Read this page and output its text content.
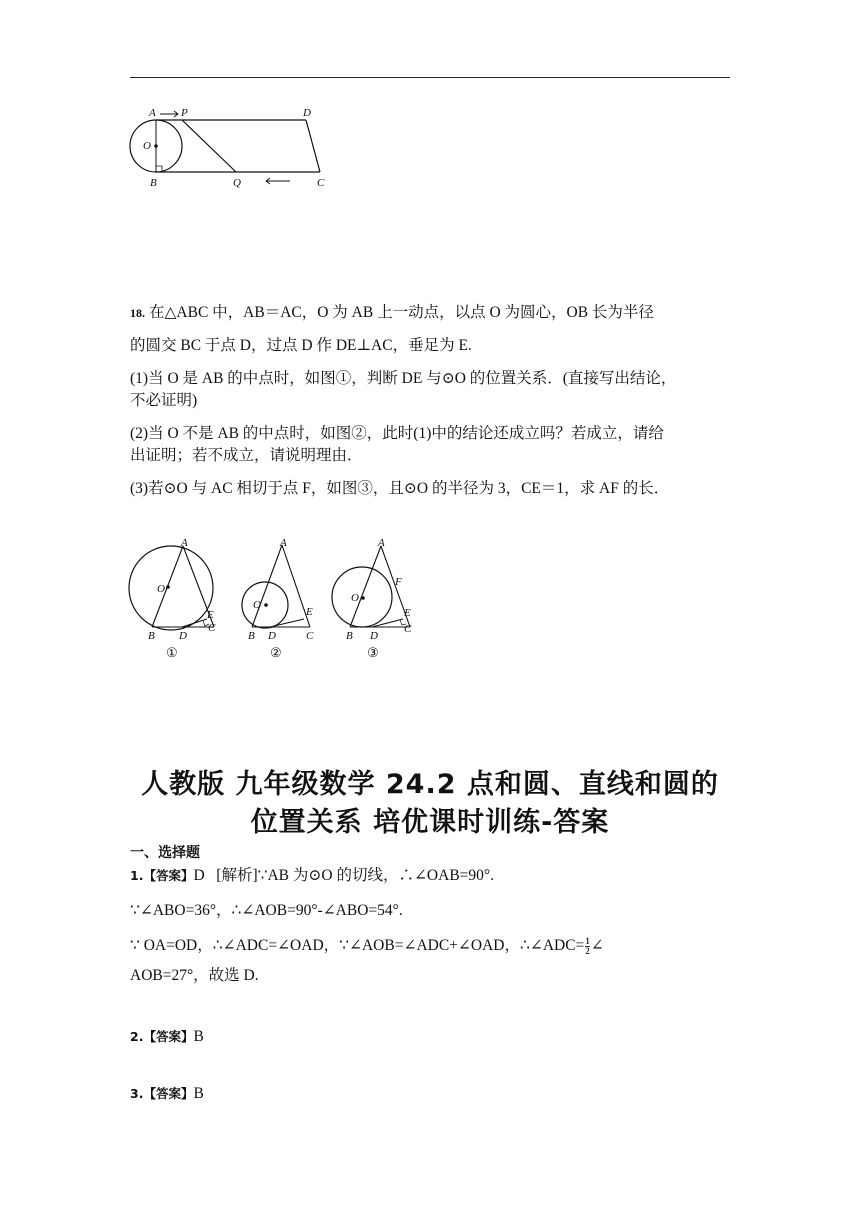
A P	D
O
B	Q	C
18. 在△ABC 中，AB＝AC，O 为 AB 上一动点，以点 O 为圆心，OB 长为半径
的圆交 BC 于点 D，过点 D 作 DE⊥AC，垂足为 E.
(1)当 O 是 AB 的中点时，如图①，判断 DE 与⊙O 的位置关系．(直接写出结论，
不必证明)
(2)当 O 不是 AB 的中点时，如图②，此时(1)中的结论还成立吗？若成立，请给
出证明；若不成立，请说明理由．
(3)若⊙O 与 AC 相切于点 F，如图③，且⊙O 的半径为 3，CE＝1，求 AF 的长．
A
O
E
B D
C
①
A
O
E
B D	C
②
A
F
O
E
B D
C
③
人教版 九年级数学 24.2 点和圆、直线和圆的
位置关系 培优课时训练-答案
一、选择题
1.【答案】D [解析]∵AB 为⊙O 的切线，∴∠OAB=90°.
∵∠ABO=36°，∴∠AOB=90°-∠ABO=54°.
∵ OA=OD，∴∠ADC=∠OAD，∵∠AOB=∠ADC+∠OAD，∴∠ADC= $\frac{1}{2}$ ∠
AOB=27°，故选 D.
2.【答案】B
3.【答案】B
